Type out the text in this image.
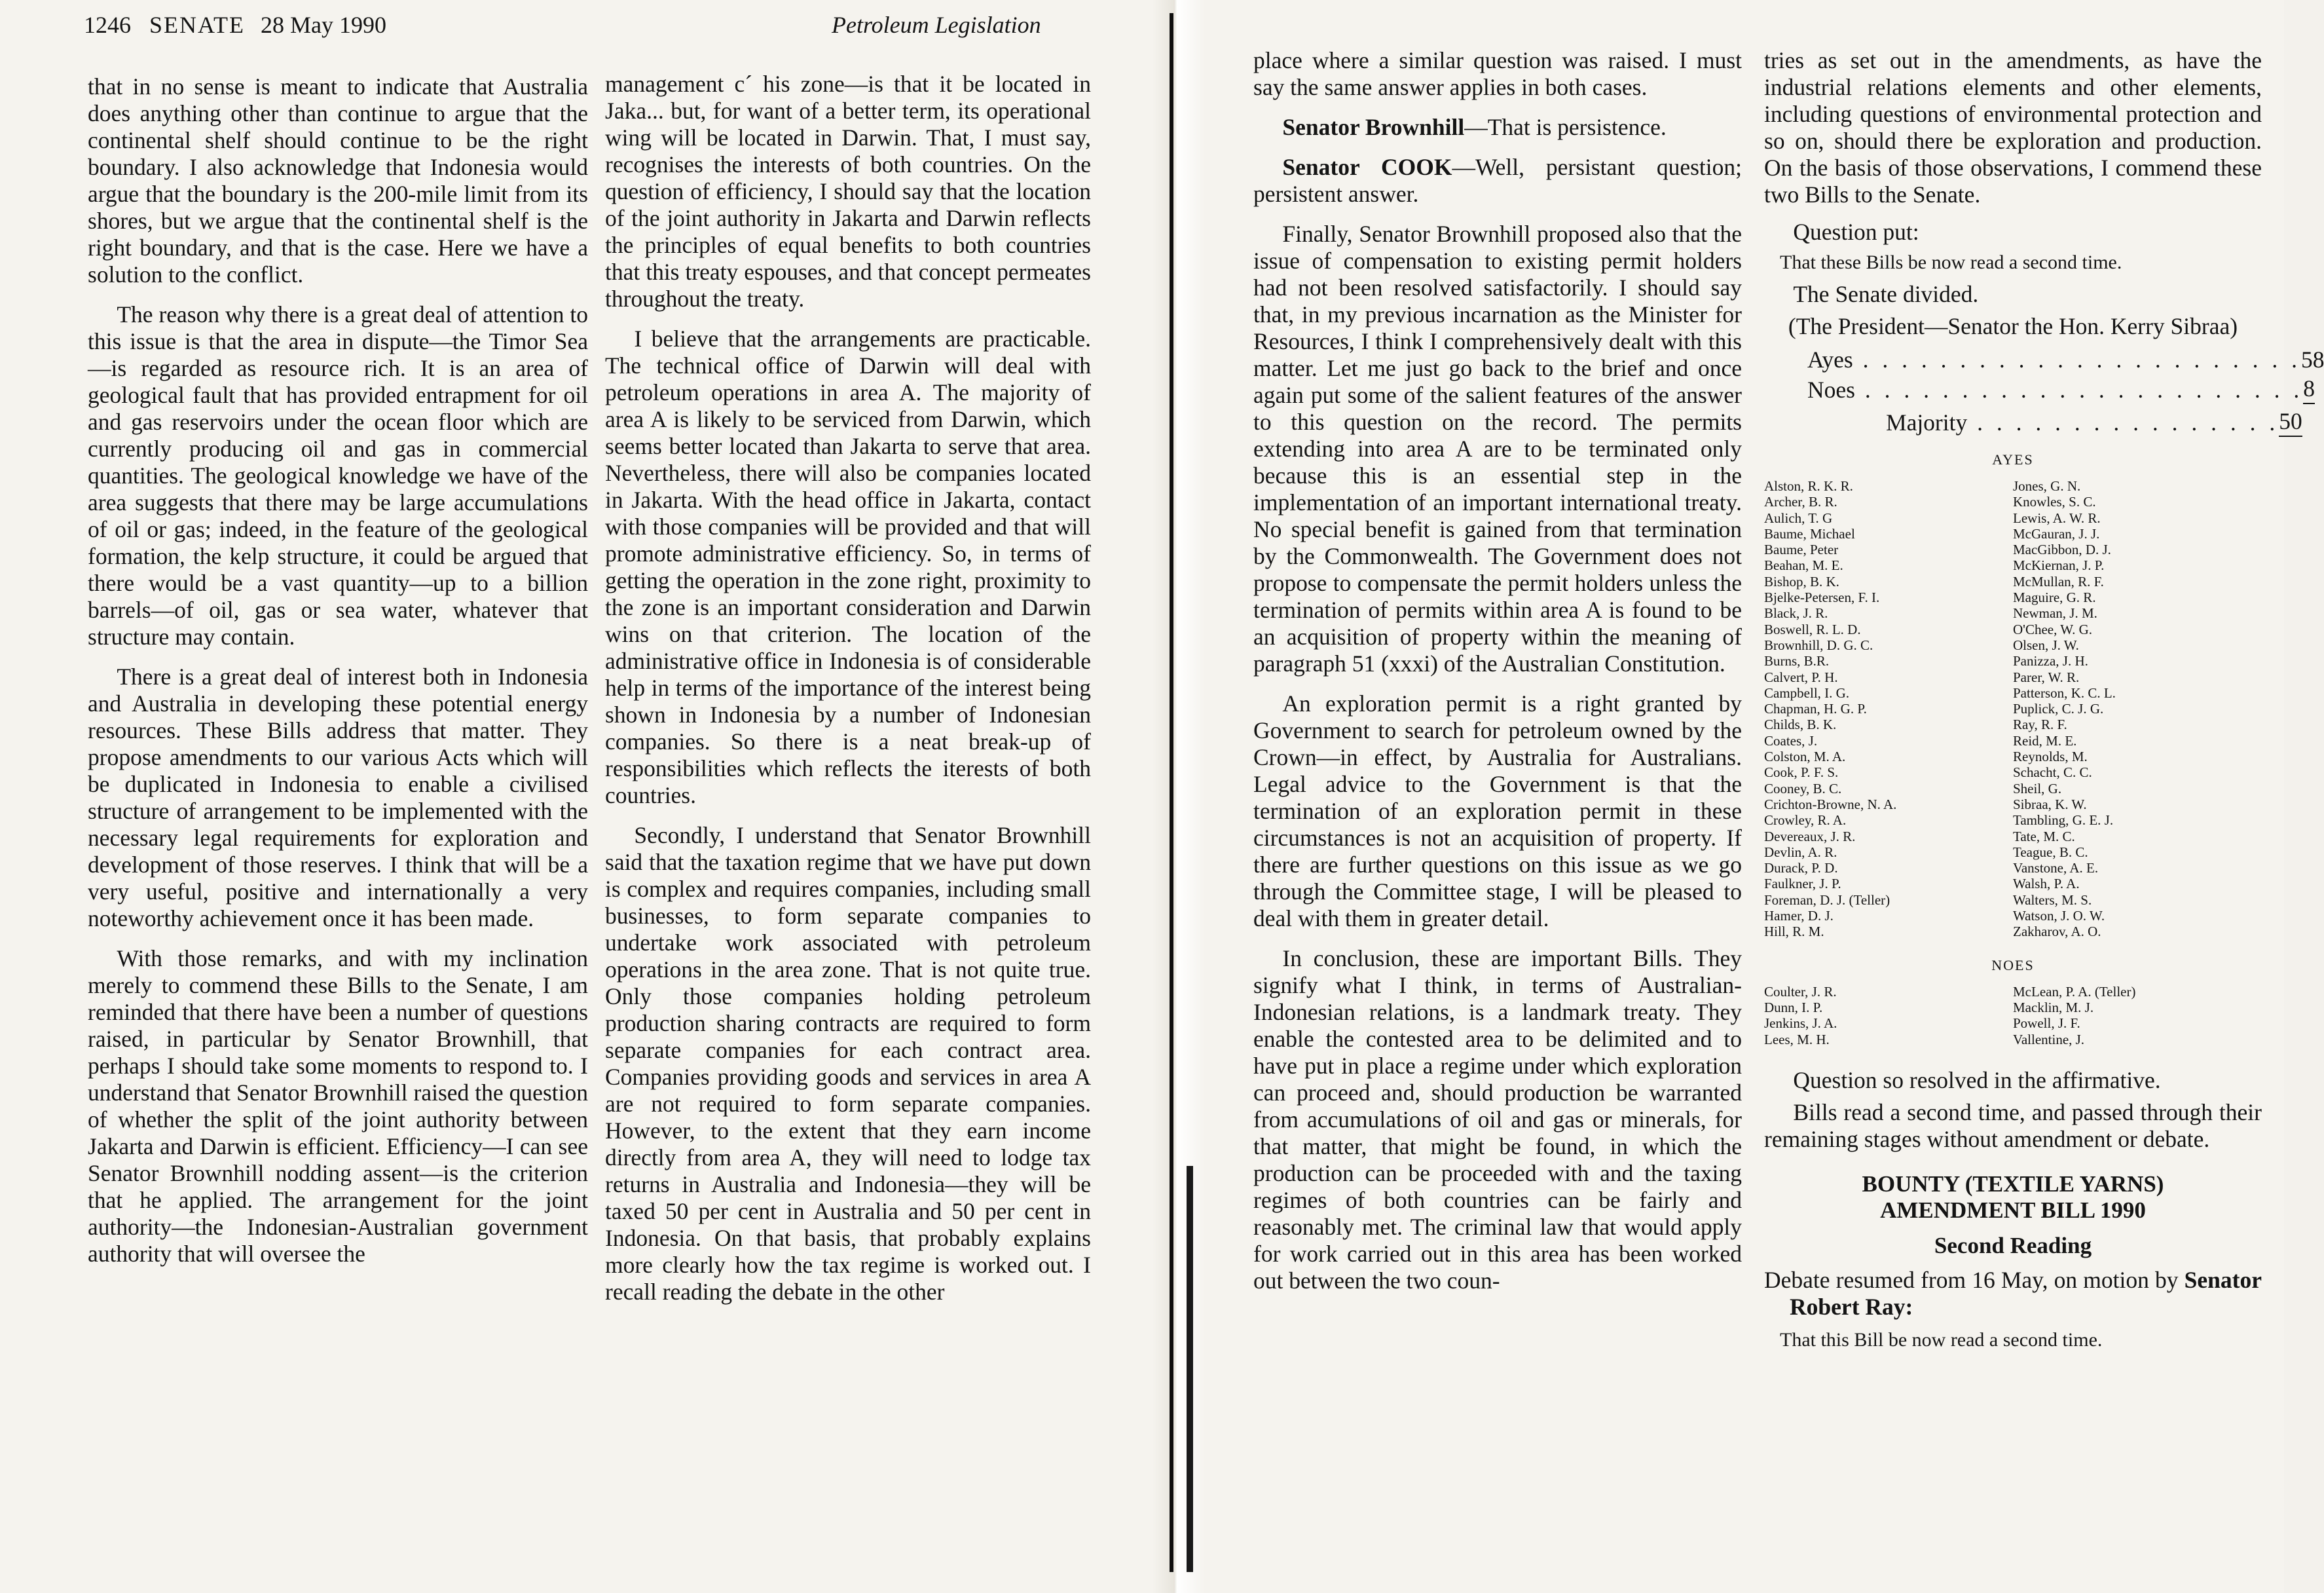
1246 SENATE 28 May 1990	Petroleum Legislation

that in no sense is meant to indicate that Australia does anything other than continue to argue that the continental shelf should continue to be the right boundary. I also acknowledge that Indonesia would argue that the boundary is the 200-mile limit from its shores, but we argue that the continental shelf is the right boundary, and that is the case. Here we have a solution to the conflict.

The reason why there is a great deal of attention to this issue is that the area in dispute—the Timor Sea—is regarded as resource rich. It is an area of geological fault that has provided entrapment for oil and gas reservoirs under the ocean floor which are currently producing oil and gas in commercial quantities. The geological knowledge we have of the area suggests that there may be large accumulations of oil or gas; indeed, in the feature of the geological formation, the kelp structure, it could be argued that there would be a vast quantity—up to a billion barrels—of oil, gas or sea water, whatever that structure may contain.

There is a great deal of interest both in Indonesia and Australia in developing these potential energy resources. These Bills address that matter. They propose amendments to our various Acts which will be duplicated in Indonesia to enable a civilised structure of arrangement to be implemented with the necessary legal requirements for exploration and development of those reserves. I think that will be a very useful, positive and internationally a very noteworthy achievement once it has been made.

With those remarks, and with my inclination merely to commend these Bills to the Senate, I am reminded that there have been a number of questions raised, in particular by Senator Brownhill, that perhaps I should take some moments to respond to. I understand that Senator Brownhill raised the question of whether the split of the joint authority between Jakarta and Darwin is efficient. Efficiency—I can see Senator Brownhill nodding assent—is the criterion that he applied. The arrangement for the joint authority—the Indonesian-Australian government authority that will oversee the

management c´ his zone—is that it be located in Jaka... but, for want of a better term, its operational wing will be located in Darwin. That, I must say, recognises the interests of both countries. On the question of efficiency, I should say that the location of the joint authority in Jakarta and Darwin reflects the principles of equal benefits to both countries that this treaty espouses, and that concept permeates throughout the treaty.

I believe that the arrangements are practicable. The technical office of Darwin will deal with petroleum operations in area A. The majority of area A is likely to be serviced from Darwin, which seems better located than Jakarta to serve that area. Nevertheless, there will also be companies located in Jakarta. With the head office in Jakarta, contact with those companies will be provided and that will promote administrative efficiency. So, in terms of getting the operation in the zone right, proximity to the zone is an important consideration and Darwin wins on that criterion. The location of the administrative office in Indonesia is of considerable help in terms of the importance of the interest being shown in Indonesia by a number of Indonesian companies. So there is a neat break-up of responsibilities which reflects the iterests of both countries.

Secondly, I understand that Senator Brownhill said that the taxation regime that we have put down is complex and requires companies, including small businesses, to form separate companies to undertake work associated with petroleum operations in the area zone. That is not quite true. Only those companies holding petroleum production sharing contracts are required to form separate companies for each contract area. Companies providing goods and services in area A are not required to form separate companies. However, to the extent that they earn income directly from area A, they will need to lodge tax returns in Australia and Indonesia—they will be taxed 50 per cent in Australia and 50 per cent in Indonesia. On that basis, that probably explains more clearly how the tax regime is worked out. I recall reading the debate in the other

place where a similar question was raised. I must say the same answer applies in both cases.

Senator Brownhill—That is persistence.

Senator COOK—Well, persistant question; persistent answer.

Finally, Senator Brownhill proposed also that the issue of compensation to existing permit holders had not been resolved satisfactorily. I should say that, in my previous incarnation as the Minister for Resources, I think I comprehensively dealt with this matter. Let me just go back to the brief and once again put some of the salient features of the answer to this question on the record. The permits extending into area A are to be terminated only because this is an essential step in the implementation of an important international treaty. No special benefit is gained from that termination by the Commonwealth. The Government does not propose to compensate the permit holders unless the termination of permits within area A is found to be an acquisition of property within the meaning of paragraph 51 (xxxi) of the Australian Constitution.

An exploration permit is a right granted by Government to search for petroleum owned by the Crown—in effect, by Australia for Australians. Legal advice to the Government is that the termination of an exploration permit in these circumstances is not an acquisition of property. If there are further questions on this issue as we go through the Committee stage, I will be pleased to deal with them in greater detail.

In conclusion, these are important Bills. They signify what I think, in terms of Australian-Indonesian relations, is a landmark treaty. They enable the contested area to be delimited and to have put in place a regime under which exploration can proceed and, should production be warranted from accumulations of oil and gas or minerals, for that matter, that might be found, in which the production can be proceeded with and the taxing regimes of both countries can be fairly and reasonably met. The criminal law that would apply for work carried out in this area has been worked out between the two coun-

tries as set out in the amendments, as have the industrial relations elements and other elements, including questions of environmental protection and so on, should there be exploration and production. On the basis of those observations, I commend these two Bills to the Senate.

Question put:

That these Bills be now read a second time.

The Senate divided.

(The President—Senator the Hon. Kerry Sibraa)

Ayes . . . . . . . . . . . . . . . . . . . . . . . 58
Noes . . . . . . . . . . . . . . . . . . . . . . . 8
Majority . . . . . . . . . . . . . . . . 50
AYES
Alston, R. K. R.
Archer, B. R.
Aulich, T. G
Baume, Michael
Baume, Peter
Beahan, M. E.
Bishop, B. K.
Bjelke-Petersen, F. I.
Black, J. R.
Boswell, R. L. D.
Brownhill, D. G. C.
Burns, B.R.
Calvert, P. H.
Campbell, I. G.
Chapman, H. G. P.
Childs, B. K.
Coates, J.
Colston, M. A.
Cook, P. F. S.
Cooney, B. C.
Crichton-Browne, N. A.
Crowley, R. A.
Devereaux, J. R.
Devlin, A. R.
Durack, P. D.
Faulkner, J. P.
Foreman, D. J. (Teller)
Hamer, D. J.
Hill, R. M.
Jones, G. N.
Knowles, S. C.
Lewis, A. W. R.
McGauran, J. J.
MacGibbon, D. J.
McKiernan, J. P.
McMullan, R. F.
Maguire, G. R.
Newman, J. M.
O'Chee, W. G.
Olsen, J. W.
Panizza, J. H.
Parer, W. R.
Patterson, K. C. L.
Puplick, C. J. G.
Ray, R. F.
Reid, M. E.
Reynolds, M.
Schacht, C. C.
Sheil, G.
Sibraa, K. W.
Tambling, G. E. J.
Tate, M. C.
Teague, B. C.
Vanstone, A. E.
Walsh, P. A.
Walters, M. S.
Watson, J. O. W.
Zakharov, A. O.
NOES
Coulter, J. R.
Dunn, I. P.
Jenkins, J. A.
Lees, M. H.
McLean, P. A. (Teller)
Macklin, M. J.
Powell, J. F.
Vallentine, J.

Question so resolved in the affirmative.

Bills read a second time, and passed through their remaining stages without amendment or debate.

BOUNTY (TEXTILE YARNS)
AMENDMENT BILL 1990
Second Reading

Debate resumed from 16 May, on motion by Senator Robert Ray:

That this Bill be now read a second time.
